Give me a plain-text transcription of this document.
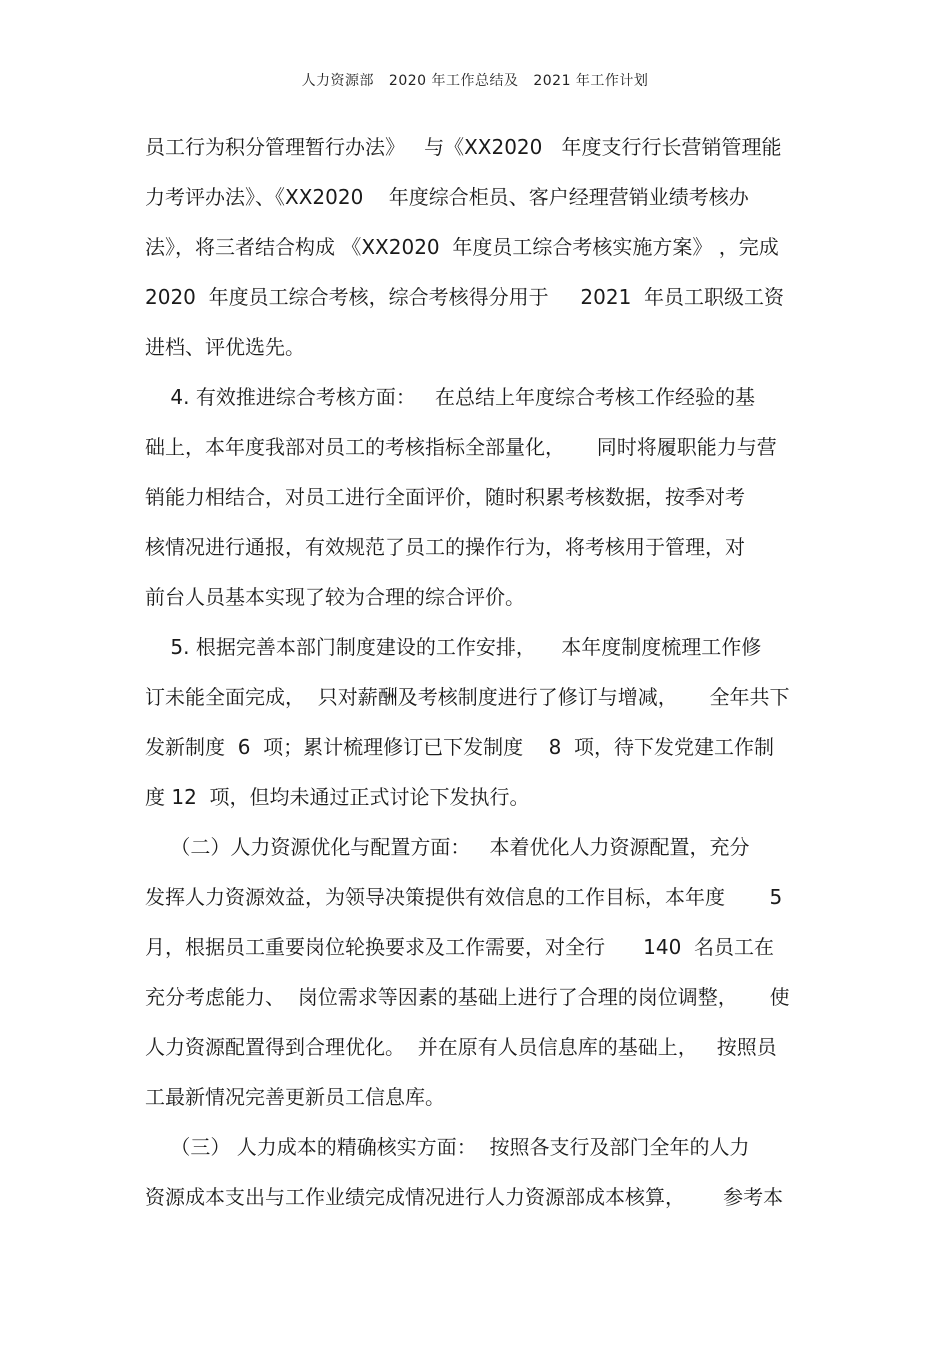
人力资源部   2020 年工作总结及   2021 年工作计划
员工行为积分管理暂行办法》   与《XX2020   年度支行行长营销管理能
力考评办法》、《XX2020    年度综合柜员、客户经理营销业绩考核办
法》，将三者结合构成 《XX2020  年度员工综合考核实施方案》 ，完成
2020  年度员工综合考核，综合考核得分用于     2021  年员工职级工资
进档、评优选先。
4. 有效推进综合考核方面：   在总结上年度综合考核工作经验的基
础上，本年度我部对员工的考核指标全部量化，     同时将履职能力与营
销能力相结合，对员工进行全面评价，随时积累考核数据，按季对考
核情况进行通报，有效规范了员工的操作行为，将考核用于管理，对
前台人员基本实现了较为合理的综合评价。
5. 根据完善本部门制度建设的工作安排，    本年度制度梳理工作修
订未能全面完成，  只对薪酬及考核制度进行了修订与增减，     全年共下
发新制度  6  项；累计梳理修订已下发制度    8  项，待下发党建工作制
度 12  项，但均未通过正式讨论下发执行。
（二）人力资源优化与配置方面：   本着优化人力资源配置，充分
发挥人力资源效益，为领导决策提供有效信息的工作目标，本年度       5
月，根据员工重要岗位轮换要求及工作需要，对全行      140  名员工在
充分考虑能力、  岗位需求等因素的基础上进行了合理的岗位调整，     使
人力资源配置得到合理优化。  并在原有人员信息库的基础上，   按照员
工最新情况完善更新员工信息库。
（三） 人力成本的精确核实方面：  按照各支行及部门全年的人力
资源成本支出与工作业绩完成情况进行人力资源部成本核算，      参考本
